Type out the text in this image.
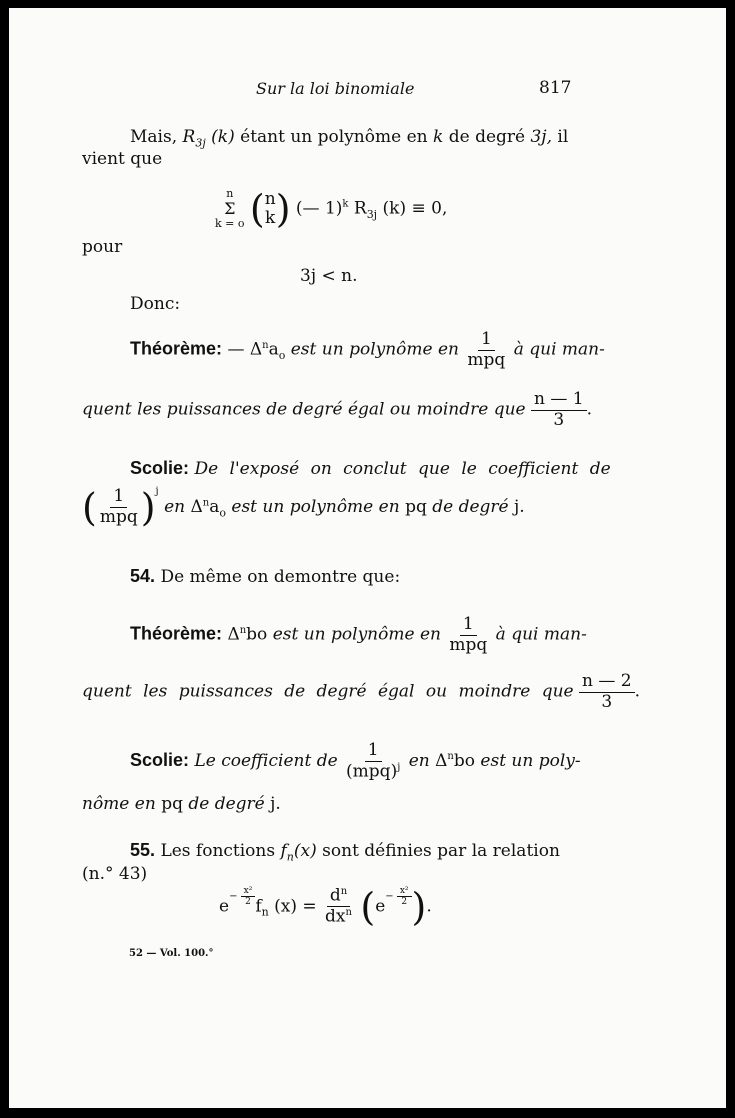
Sur la loi binomiale	817
Mais, $R_{3j}$ (k) étant un polynôme en k de degré 3j, il
vient que
n
Σ
k = o ( n
k ) (— 1)$^k$ $R_{3j}$ (k) ≡ 0,
pour
3j < n.
Donc:
Théorème: — $\Delta^na_o$ est un polynôme en $\frac{1}{\text{mpq}}$ à qui man-
quent les puissances de degré égal ou moindre que $\frac{n — 1}{3}$ .
Scolie: De l'exposé on conclut que le coefficient de
( $\frac{1}{\text{mpq}} )^j$ en $\Delta^na_o$ est un polynôme en pq de degré j.
54. De même on demontre que:
Théorème: $\Delta^nbo$ est un polynôme en $\frac{1}{\text{mpq}}$ à qui man-
quent les puissances de degré égal ou moindre que $\frac{n — 2}{3}$ .
Scolie: Le coefficient de $\frac{1}{(mpq)^j}$ en $\Delta^nbo$ est un poly-
nôme en pq de degré j.
55. Les fonctions $f_n(x)$ sont définies par la relation
(n.° 43)
$e^{- \frac{\text{x²}}{2}}$ $f_n$ $(x) = \frac{d^n}{dx^n} (e^{- \frac{\text{x²}}{2}}$ ).
52 — Vol. 100.°
